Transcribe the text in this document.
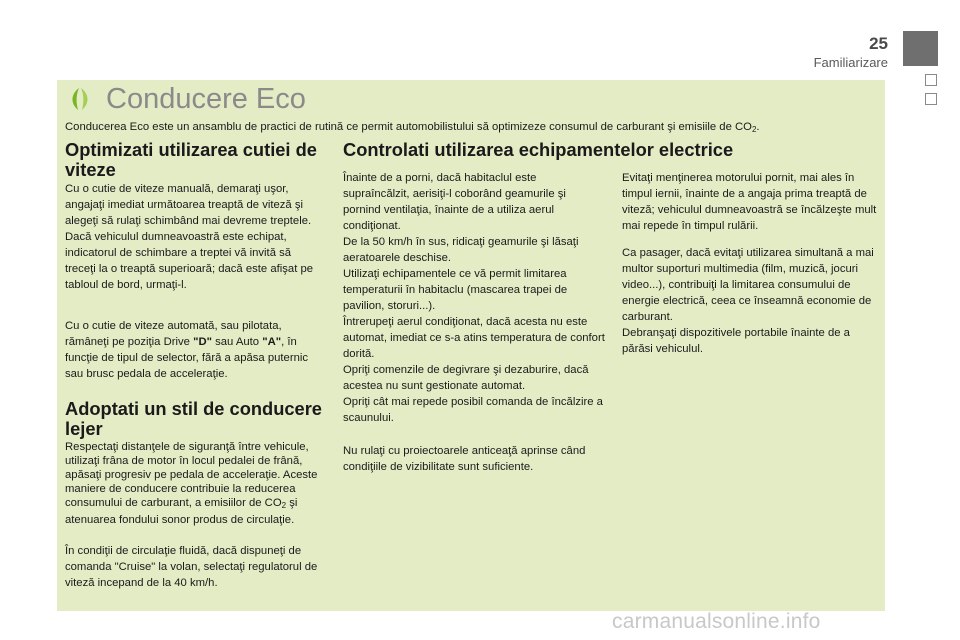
25
Familiarizare
Conducere Eco
Conducerea Eco este un ansamblu de practici de rutină ce permit automobilistului să optimizeze consumul de carburant şi emisiile de $CO_2$.
Optimizati utilizarea cutiei de viteze

Cu o cutie de viteze manuală, demaraţi uşor, angajaţi imediat următoarea treaptă de viteză şi alegeţi să rulaţi schimbând mai devreme treptele. Dacă vehiculul dumneavoastră este echipat, indicatorul de schimbare a treptei vă invită să treceţi la o treaptă superioară; dacă este afişat pe tabloul de bord, urmaţi-l.

Cu o cutie de viteze automată, sau pilotata, rămâneţi pe poziţia Drive "D" sau Auto "A", în funcţie de tipul de selector, fără a apăsa puternic sau brusc pedala de acceleraţie.

Adoptati un stil de conducere lejer

Respectaţi distanţele de siguranţă între vehicule, utilizaţi frâna de motor în locul pedalei de frână, apăsaţi progresiv pe pedala de acceleraţie. Aceste maniere de conducere contribuie la reducerea consumului de carburant, a emisiilor de $CO_2$ şi atenuarea fondului sonor produs de circulaţie.

În condiţii de circulaţie fluidă, dacă dispuneţi de comanda "Cruise" la volan, selectaţi regulatorul de viteză incepand de la 40 km/h.

Controlati utilizarea echipamentelor electrice

Înainte de a porni, dacă habitaclul este supraîncălzit, aerisiţi-l coborând geamurile şi pornind ventilaţia, înainte de a utiliza aerul condiţionat.
De la 50 km/h în sus, ridicaţi geamurile şi lăsaţi aeratoarele deschise.
Utilizaţi echipamentele ce vă permit limitarea temperaturii în habitaclu (mascarea trapei de pavilion, storuri...).
Întrerupeţi aerul condiţionat, dacă acesta nu este automat, imediat ce s-a atins temperatura de confort dorită.
Opriţi comenzile de degivrare şi dezaburire, dacă acestea nu sunt gestionate automat.
Opriţi cât mai repede posibil comanda de încălzire a scaunului.

Nu rulaţi cu proiectoarele anticeaţă aprinse când condiţiile de vizibilitate sunt suficiente.

Evitaţi menţinerea motorului pornit, mai ales în timpul iernii, înainte de a angaja prima treaptă de viteză; vehiculul dumneavoastră se încălzeşte mult mai repede în timpul rulării.

Ca pasager, dacă evitaţi utilizarea simultană a mai multor suporturi multimedia (film, muzică, jocuri video...), contribuiţi la limitarea consumului de energie electrică, ceea ce înseamnă economie de carburant.
Debranşaţi dispozitivele portabile înainte de a părăsi vehiculul.

carmanualsonline.info
